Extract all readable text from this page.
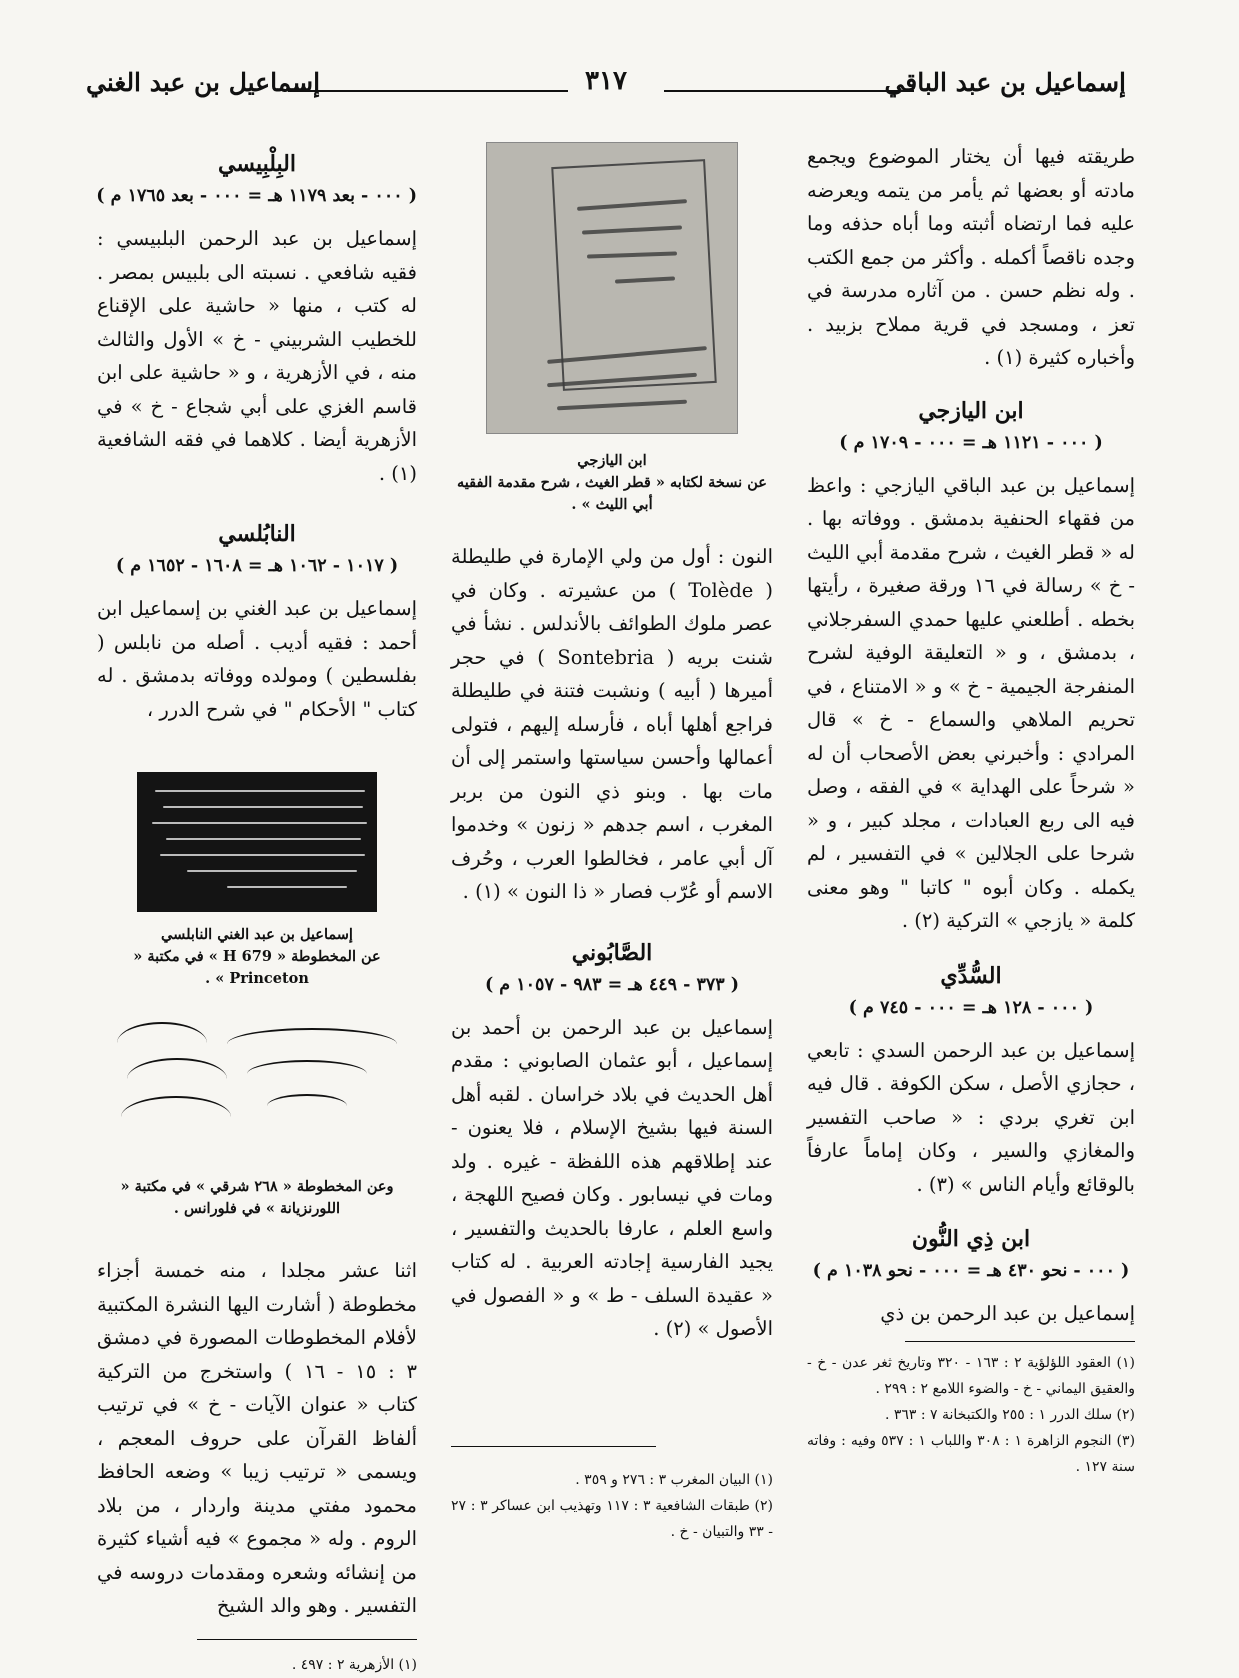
إسماعيل بن عبد الباقي
٣١٧
إسماعيل بن عبد الغني

طريقته فيها أن يختار الموضوع ويجمع مادته أو بعضها ثم يأمر من يتمه ويعرضه عليه فما ارتضاه أثبته وما أباه حذفه وما وجده ناقصاً أكمله . وأكثر من جمع الكتب . وله نظم حسن . من آثاره مدرسة في تعز ، ومسجد في قرية مملاح بزبيد . وأخباره كثيرة (١) .

ابن اليازجي
( ٠٠٠ - ١١٢١ هـ = ٠٠٠ - ١٧٠٩ م )

إسماعيل بن عبد الباقي اليازجي : واعظ من فقهاء الحنفية بدمشق . ووفاته بها . له « قطر الغيث ، شرح مقدمة أبي الليث - خ » رسالة في ١٦ ورقة صغيرة ، رأيتها بخطه . أطلعني عليها حمدي السفرجلاني ، بدمشق ، و « التعليقة الوفية لشرح المنفرجة الجيمية - خ » و « الامتناع ، في تحريم الملاهي والسماع - خ » قال المرادي : وأخبرني بعض الأصحاب أن له « شرحاً على الهداية » في الفقه ، وصل فيه الى ربع العبادات ، مجلد كبير ، و « شرحا على الجلالين » في التفسير ، لم يكمله . وكان أبوه " كاتبا " وهو معنى كلمة « يازجي » التركية (٢) .

السُّدِّي
( ٠٠٠ - ١٢٨ هـ = ٠٠٠ - ٧٤٥ م )

إسماعيل بن عبد الرحمن السدي : تابعي ، حجازي الأصل ، سكن الكوفة . قال فيه ابن تغري بردي : « صاحب التفسير والمغازي والسير ، وكان إماماً عارفاً بالوقائع وأيام الناس » (٣) .

ابن ذِي النُّون
( ٠٠٠ - نحو ٤٣٠ هـ = ٠٠٠ - نحو ١٠٣٨ م )

إسماعيل بن عبد الرحمن بن ذي

(١) العقود اللؤلؤية ٢ : ١٦٣ - ٣٢٠ وتاريخ ثغر عدن - خ - والعقيق اليماني - خ - والضوء اللامع ٢ : ٢٩٩ .
(٢) سلك الدرر ١ : ٢٥٥ والكتبخانة ٧ : ٣٦٣ .
(٣) النجوم الزاهرة ١ : ٣٠٨ واللباب ١ : ٥٣٧ وفيه : وفاته سنة ١٢٧ .
ابن اليازجي
عن نسخة لكتابه « قطر الغيث ، شرح مقدمة الفقيه أبي الليث » .

النون : أول من ولي الإمارة في طليطلة ( Tolède ) من عشيرته . وكان في عصر ملوك الطوائف بالأندلس . نشأ في شنت بريه ( Sontebria ) في حجر أميرها ( أبيه ) ونشبت فتنة في طليطلة فراجع أهلها أباه ، فأرسله إليهم ، فتولى أعمالها وأحسن سياستها واستمر إلى أن مات بها . وبنو ذي النون من بربر المغرب ، اسم جدهم « زنون » وخدموا آل أبي عامر ، فخالطوا العرب ، وحُرف الاسم أو عُرّب فصار « ذا النون » (١) .

الصَّابُوني
( ٣٧٣ - ٤٤٩ هـ = ٩٨٣ - ١٠٥٧ م )

إسماعيل بن عبد الرحمن بن أحمد بن إسماعيل ، أبو عثمان الصابوني : مقدم أهل الحديث في بلاد خراسان . لقبه أهل السنة فيها بشيخ الإسلام ، فلا يعنون - عند إطلاقهم هذه اللفظة - غيره . ولد ومات في نيسابور . وكان فصيح اللهجة ، واسع العلم ، عارفا بالحديث والتفسير ، يجيد الفارسية إجادته العربية . له كتاب « عقيدة السلف - ط » و « الفصول في الأصول » (٢) .

(١) البيان المغرب ٣ : ٢٧٦ و ٣٥٩ .
(٢) طبقات الشافعية ٣ : ١١٧ وتهذيب ابن عساكر ٣ : ٢٧ - ٣٣ والتبيان - خ .
البِلْبِيسي
( ٠٠٠ - بعد ١١٧٩ هـ = ٠٠٠ - بعد ١٧٦٥ م )

إسماعيل بن عبد الرحمن البلبيسي : فقيه شافعي . نسبته الى بلبيس بمصر . له كتب ، منها « حاشية على الإقناع للخطيب الشربيني - خ » الأول والثالث منه ، في الأزهرية ، و « حاشية على ابن قاسم الغزي على أبي شجاع - خ » في الأزهرية أيضا . كلاهما في فقه الشافعية (١) .

النابُلسي
( ١٠١٧ - ١٠٦٢ هـ = ١٦٠٨ - ١٦٥٢ م )

إسماعيل بن عبد الغني بن إسماعيل ابن أحمد : فقيه أديب . أصله من نابلس ( بفلسطين ) ومولده ووفاته بدمشق . له كتاب " الأحكام " في شرح الدرر ،

إسماعيل بن عبد الغني النابلسي
عن المخطوطة « H 679 » في مكتبة « Princeton » .
وعن المخطوطة « ٢٦٨ شرقي » في مكتبة « اللورنزيانة » في فلورانس .

اثنا عشر مجلدا ، منه خمسة أجزاء مخطوطة ( أشارت اليها النشرة المكتبية لأفلام المخطوطات المصورة في دمشق ٣ : ١٥ - ١٦ ) واستخرج من التركية كتاب « عنوان الآيات - خ » في ترتيب ألفاظ القرآن على حروف المعجم ، ويسمى « ترتيب زيبا » وضعه الحافظ محمود مفتي مدينة واردار ، من بلاد الروم . وله « مجموع » فيه أشياء كثيرة من إنشائه وشعره ومقدمات دروسه في التفسير . وهو والد الشيخ

(١) الأزهرية ٢ : ٤٩٧ .
